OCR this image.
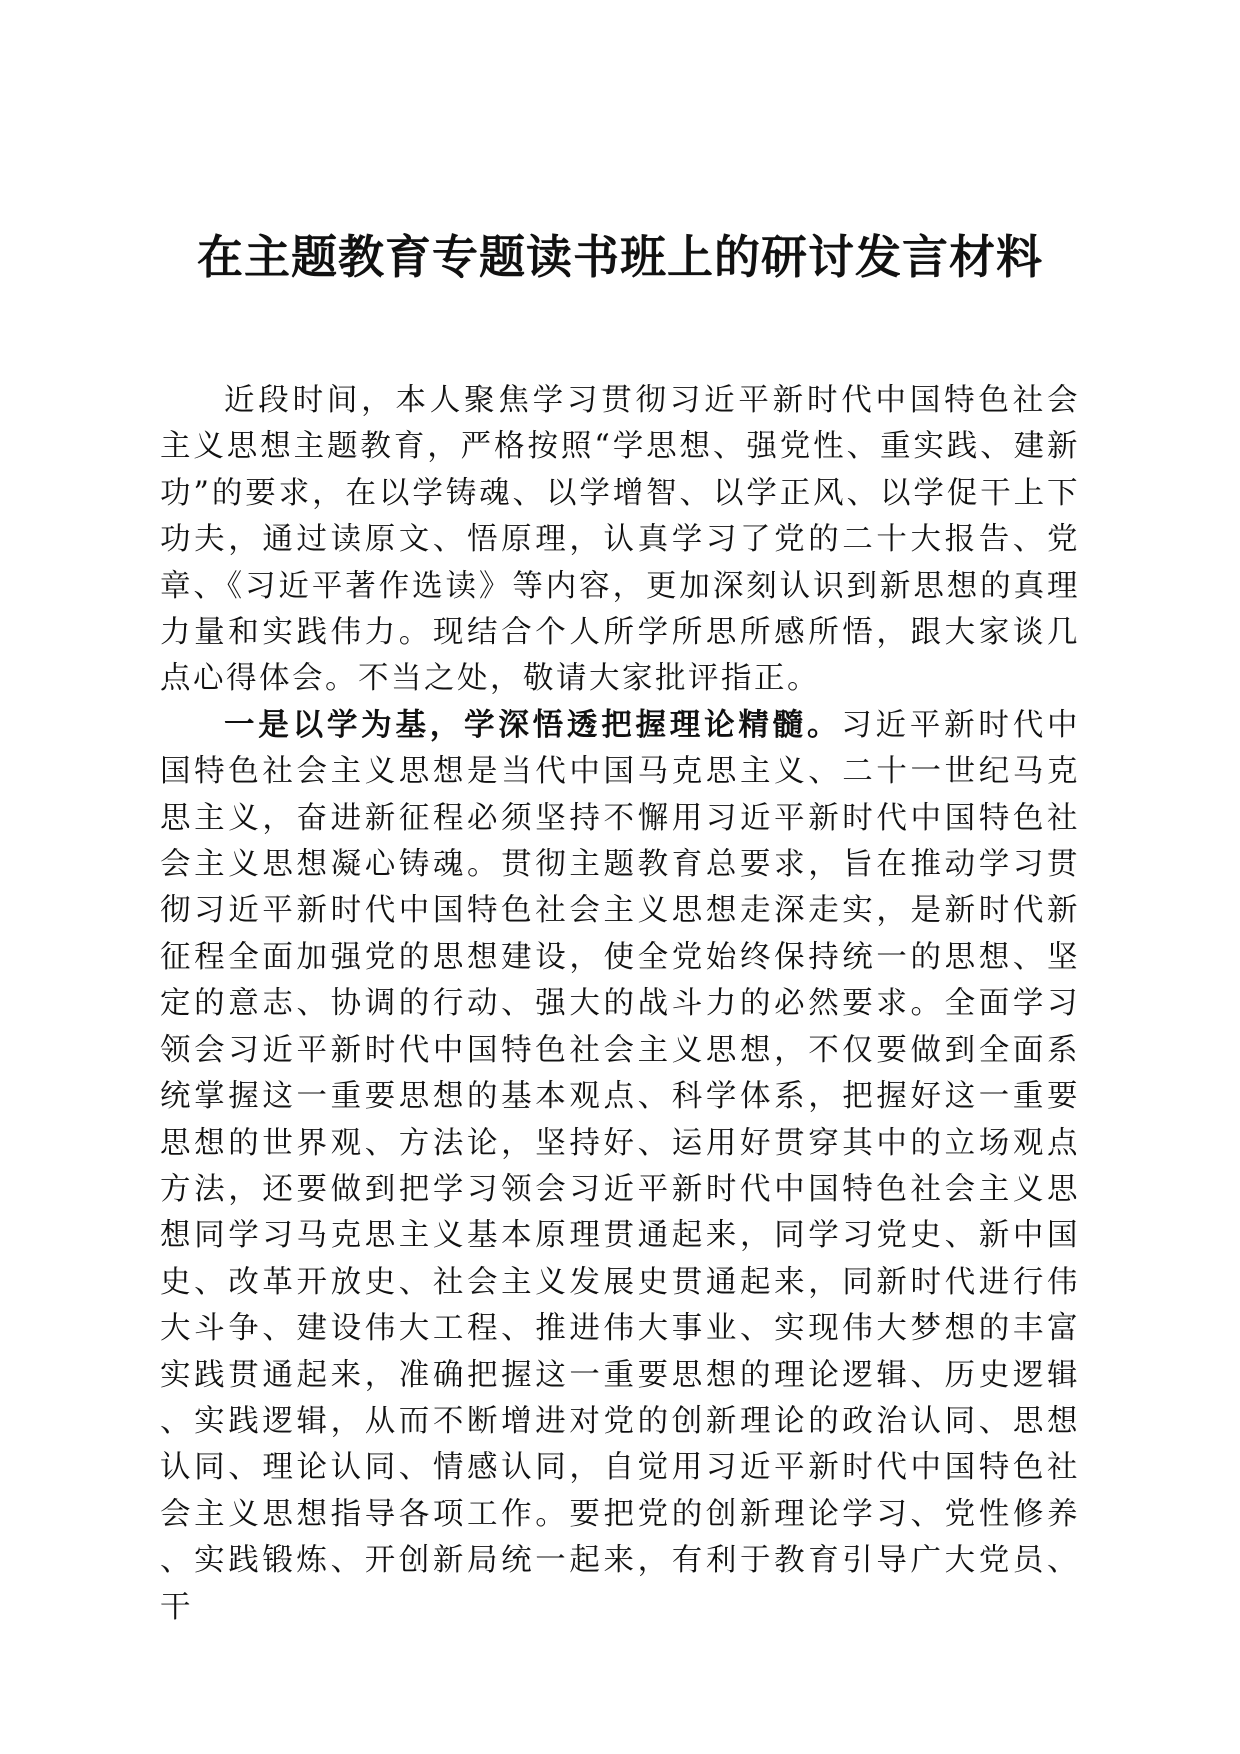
在主题教育专题读书班上的研讨发言材料

近段时间，本人聚焦学习贯彻习近平新时代中国特色社会主义思想主题教育，严格按照“学思想、强党性、重实践、建新功”的要求，在以学铸魂、以学增智、以学正风、以学促干上下功夫，通过读原文、悟原理，认真学习了党的二十大报告、党章、《习近平著作选读》等内容，更加深刻认识到新思想的真理力量和实践伟力。现结合个人所学所思所感所悟，跟大家谈几点心得体会。不当之处，敬请大家批评指正。

一是以学为基，学深悟透把握理论精髓。习近平新时代中国特色社会主义思想是当代中国马克思主义、二十一世纪马克思主义，奋进新征程必须坚持不懈用习近平新时代中国特色社会主义思想凝心铸魂。贯彻主题教育总要求，旨在推动学习贯彻习近平新时代中国特色社会主义思想走深走实，是新时代新征程全面加强党的思想建设，使全党始终保持统一的思想、坚定的意志、协调的行动、强大的战斗力的必然要求。全面学习领会习近平新时代中国特色社会主义思想，不仅要做到全面系统掌握这一重要思想的基本观点、科学体系，把握好这一重要思想的世界观、方法论，坚持好、运用好贯穿其中的立场观点方法，还要做到把学习领会习近平新时代中国特色社会主义思想同学习马克思主义基本原理贯通起来，同学习党史、新中国史、改革开放史、社会主义发展史贯通起来，同新时代进行伟大斗争、建设伟大工程、推进伟大事业、实现伟大梦想的丰富实践贯通起来，准确把握这一重要思想的理论逻辑、历史逻辑、实践逻辑，从而不断增进对党的创新理论的政治认同、思想认同、理论认同、情感认同，自觉用习近平新时代中国特色社会主义思想指导各项工作。要把党的创新理论学习、党性修养、实践锻炼、开创新局统一起来，有利于教育引导广大党员、干
